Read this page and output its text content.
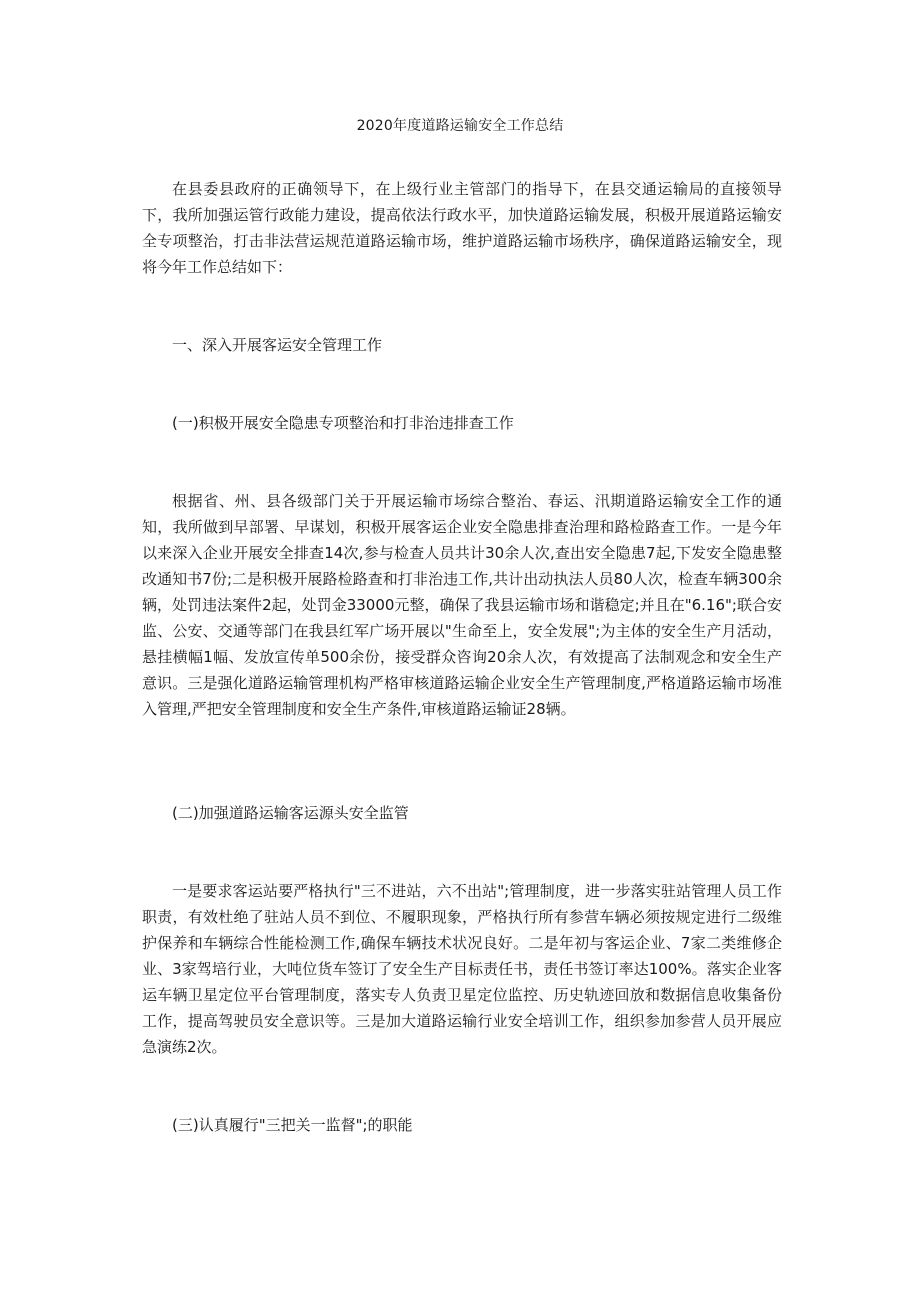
2020年度道路运输安全工作总结

在县委县政府的正确领导下，在上级行业主管部门的指导下，在县交通运输局的直接领导下，我所加强运管行政能力建设，提高依法行政水平，加快道路运输发展，积极开展道路运输安全专项整治，打击非法营运规范道路运输市场，维护道路运输市场秩序，确保道路运输安全，现将今年工作总结如下：

一、深入开展客运安全管理工作

(一)积极开展安全隐患专项整治和打非治违排查工作

根据省、州、县各级部门关于开展运输市场综合整治、春运、汛期道路运输安全工作的通知，我所做到早部署、早谋划，积极开展客运企业安全隐患排查治理和路检路查工作。一是今年以来深入企业开展安全排查14次,参与检查人员共计30余人次,查出安全隐患7起,下发安全隐患整改通知书7份;二是积极开展路检路查和打非治违工作,共计出动执法人员80人次，检查车辆300余辆，处罚违法案件2起，处罚金33000元整，确保了我县运输市场和谐稳定;并且在"6.16";联合安监、公安、交通等部门在我县红军广场开展以"生命至上，安全发展";为主体的安全生产月活动，悬挂横幅1幅、发放宣传单500余份，接受群众咨询20余人次，有效提高了法制观念和安全生产意识。三是强化道路运输管理机构严格审核道路运输企业安全生产管理制度,严格道路运输市场准入管理,严把安全管理制度和安全生产条件,审核道路运输证28辆。

(二)加强道路运输客运源头安全监管

一是要求客运站要严格执行"三不进站，六不出站";管理制度，进一步落实驻站管理人员工作职责，有效杜绝了驻站人员不到位、不履职现象，严格执行所有参营车辆必须按规定进行二级维护保养和车辆综合性能检测工作,确保车辆技术状况良好。二是年初与客运企业、7家二类维修企业、3家驾培行业，大吨位货车签订了安全生产目标责任书，责任书签订率达100%。落实企业客运车辆卫星定位平台管理制度，落实专人负责卫星定位监控、历史轨迹回放和数据信息收集备份工作，提高驾驶员安全意识等。三是加大道路运输行业安全培训工作，组织参加参营人员开展应急演练2次。

(三)认真履行"三把关一监督";的职能
